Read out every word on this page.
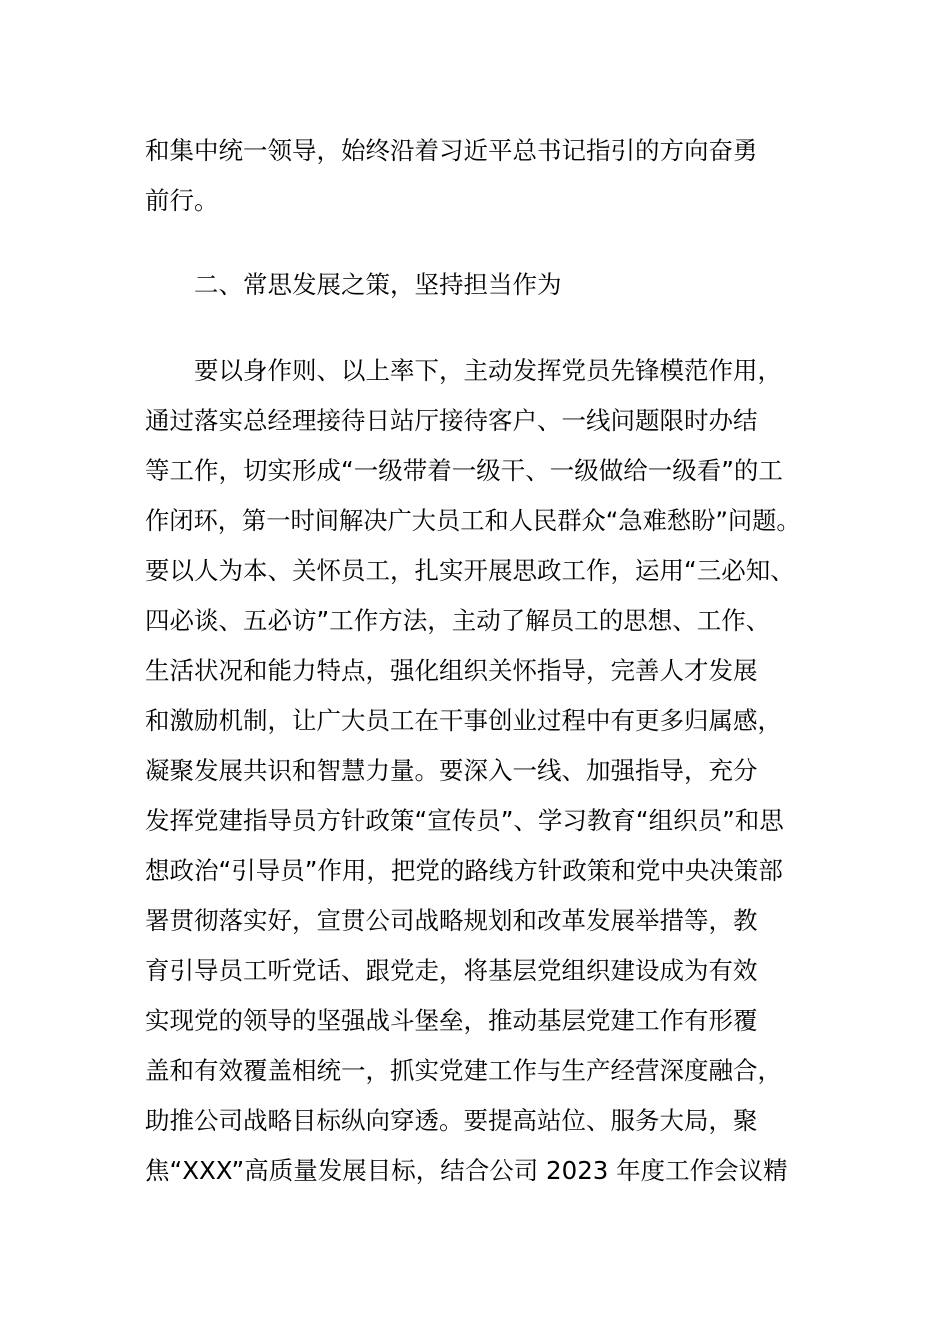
和集中统一领导，始终沿着习近平总书记指引的方向奋勇
前行。
二、常思发展之策，坚持担当作为
要以身作则、以上率下，主动发挥党员先锋模范作用，
通过落实总经理接待日站厅接待客户、一线问题限时办结
等工作，切实形成“一级带着一级干、一级做给一级看”的工
作闭环，第一时间解决广大员工和人民群众“急难愁盼”问题。
要以人为本、关怀员工，扎实开展思政工作，运用“三必知、
四必谈、五必访”工作方法，主动了解员工的思想、工作、
生活状况和能力特点，强化组织关怀指导，完善人才发展
和激励机制，让广大员工在干事创业过程中有更多归属感，
凝聚发展共识和智慧力量。要深入一线、加强指导，充分
发挥党建指导员方针政策“宣传员”、学习教育“组织员”和思
想政治“引导员”作用，把党的路线方针政策和党中央决策部
署贯彻落实好，宣贯公司战略规划和改革发展举措等，教
育引导员工听党话、跟党走，将基层党组织建设成为有效
实现党的领导的坚强战斗堡垒，推动基层党建工作有形覆
盖和有效覆盖相统一，抓实党建工作与生产经营深度融合，
助推公司战略目标纵向穿透。要提高站位、服务大局，聚
焦“XXX”高质量发展目标，结合公司 2023 年度工作会议精
